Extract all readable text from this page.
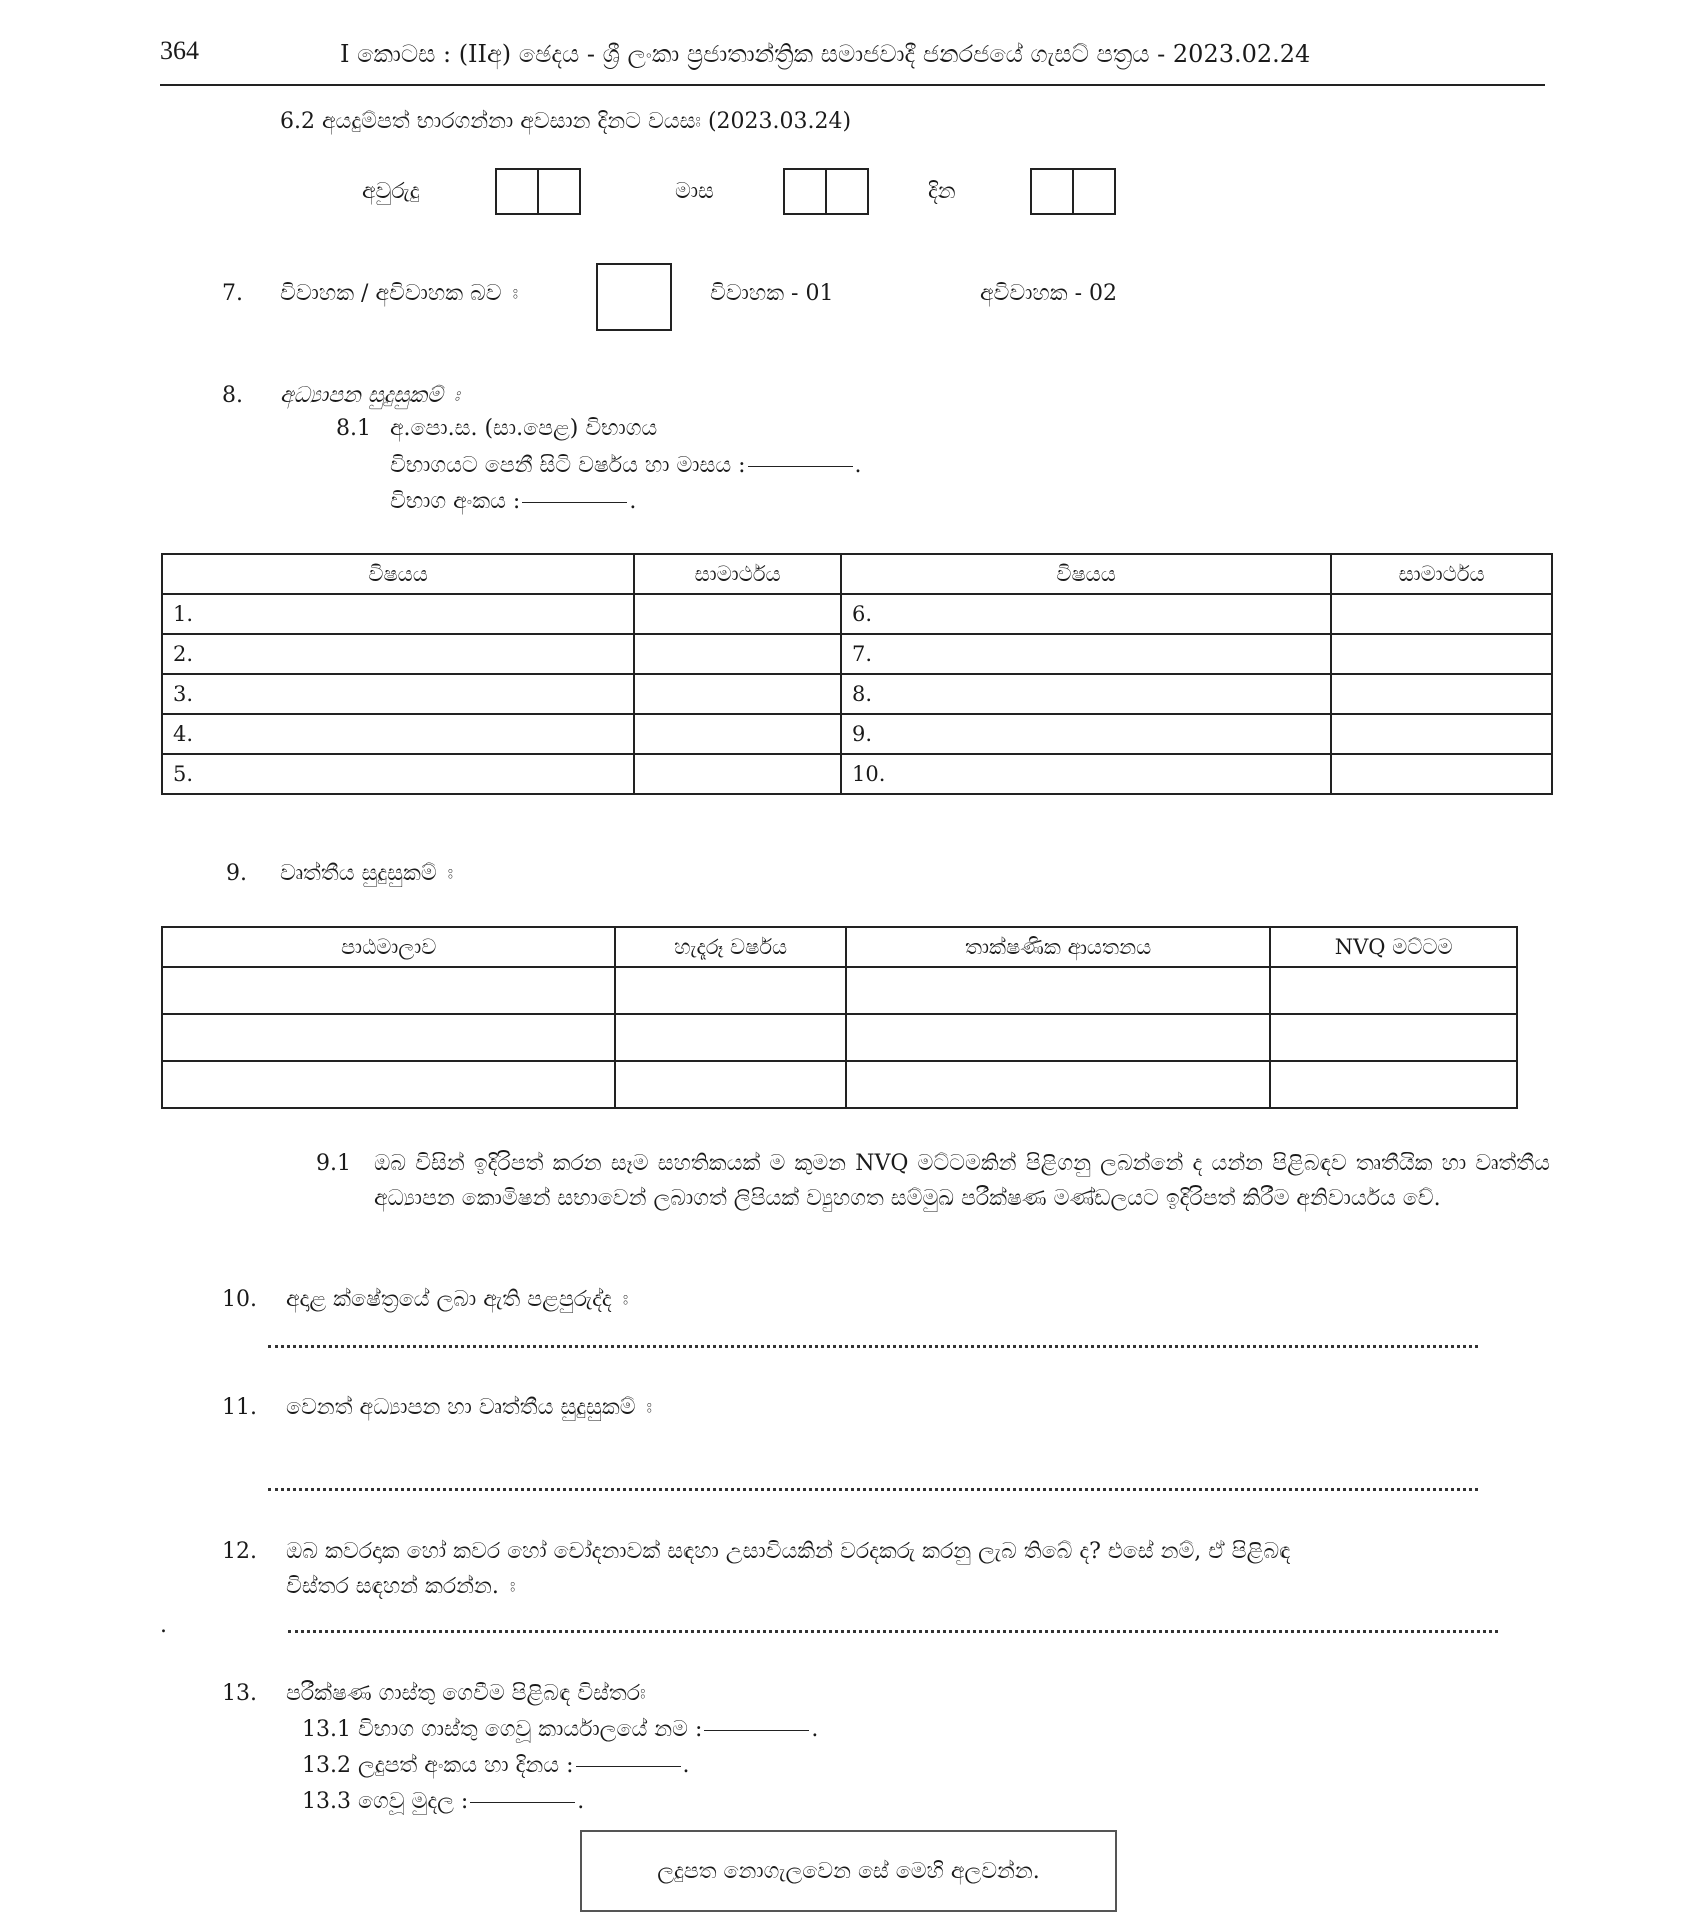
364	I කොටස : (IIඅ) ඡෙදය - ශ්‍රී ලංකා ප්‍රජාතාන්ත්‍රික සමාජවාදී ජනරජයේ ගැසට් පත්‍රය - 2023.02.24
6.2 අයදුම්පත් භාරගන්නා අවසාන දිනට වයසඃ (2023.03.24)
අවුරුදු	මාස	දින
7. විවාහක / අවිවාහක බව ඃ	විවාහක - 01	අවිවාහක - 02
8. අධ්‍යාපන සුදුසුකම් ඃ
8.1 අ.පො.ස. (සා.පෙළ) විභාගය
විභාගයට පෙනී සිටි වර්ෂය හා මාසය :	.
විභාග අංකය :	.
විෂයය	සාමාර්ථය	විෂයය	සාමාර්ථය
1.		6.	
2.		7.	
3.		8.	
4.		9.	
5.		10.	
9. වෘත්තීය සුදුසුකම් ඃ
පාඨමාලාව	හැදෑරූ වර්ෂය	තාක්ෂණික ආයතනය	NVQ මට්ටම

9.1 ඔබ විසින් ඉදිරිපත් කරන සෑම සහතිකයක් ම කුමන NVQ මට්ටමකින් පිළිගනු ලබන්නේ ද යන්න පිළිබඳව තෘතීයික හා වෘත්තීය අධ්‍යාපන කොමිෂන් සභාවෙන් ලබාගත් ලිපියක් ව්‍යුහගත සම්මුඛ පරීක්ෂණ මණ්ඩලයට ඉදිරිපත් කිරීම අනිවාර්යය වේ.
10. අදාළ ක්ෂේත්‍රයේ ලබා ඇති පළපුරුද්ද ඃ
11. වෙනත් අධ්‍යාපන හා වෘත්තීය සුදුසුකම් ඃ
12. ඔබ කවරදාක හෝ කවර හෝ චෝදනාවක් සඳහා උසාවියකින් වරදකරු කරනු ලැබ තිබේ ද? එසේ නම්, ඒ පිළිබඳ
විස්තර සඳහන් කරන්න. ඃ
.
13. පරීක්ෂණ ගාස්තු ගෙවීම පිළිබඳ විස්තරඃ
13.1 විභාග ගාස්තු ගෙවූ කාර්යාලයේ නම :	.
13.2 ලදුපත් අංකය හා දිනය :	.
13.3 ගෙවූ මුදල :	.
ලදුපත නොගැලවෙන සේ මෙහි අලවන්න.
